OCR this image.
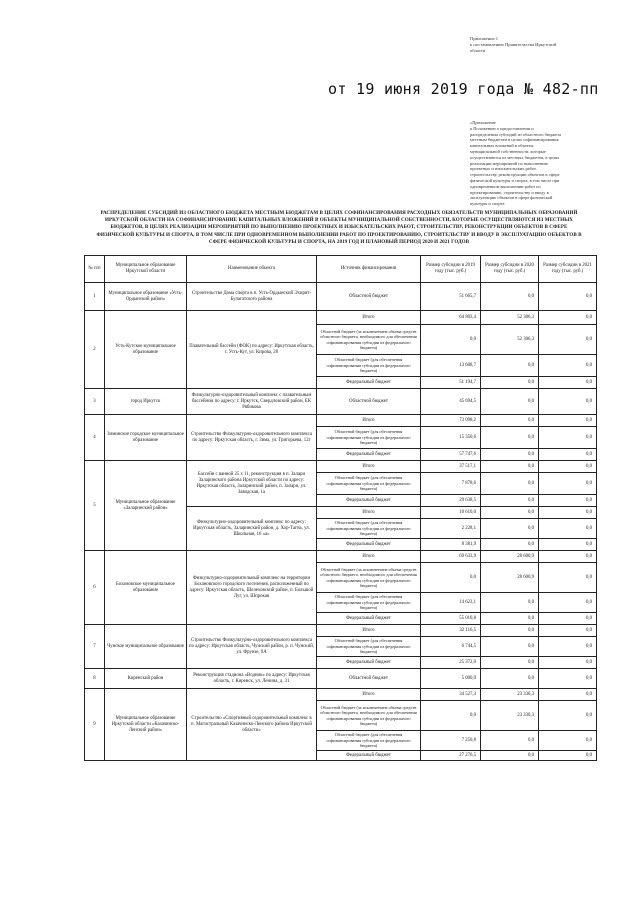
Приложение 1
к постановлению Правительства Иркутской
области
от 19 июня 2019 года № 482-пп
«Приложение
к Положению о предоставлении и
распределении субсидий из областного бюджета
местным бюджетам в целях софинансирования
капитальных вложений в объекты
муниципальной собственности, которые
осуществляются из местных бюджетов, в целях
реализации мероприятий по выполнению
проектных и изыскательских работ,
строительству, реконструкции объектов в сфере
физической культуры и спорта, в том числе при
одновременном выполнении работ по
проектированию, строительству и вводу в
эксплуатацию объектов в сфере физической
культуры и спорта
РАСПРЕДЕЛЕНИЕ СУБСИДИЙ ИЗ ОБЛАСТНОГО БЮДЖЕТА МЕСТНЫМ БЮДЖЕТАМ В ЦЕЛЯХ СОФИНАНСИРОВАНИЯ РАСХОДНЫХ ОБЯЗАТЕЛЬСТВ МУНИЦИПАЛЬНЫХ ОБРАЗОВАНИЙ ИРКУТСКОЙ ОБЛАСТИ НА СОФИНАНСИРОВАНИЕ КАПИТАЛЬНЫХ ВЛОЖЕНИЙ В ОБЪЕКТЫ МУНИЦИПАЛЬНОЙ СОБСТВЕННОСТИ, КОТОРЫЕ ОСУЩЕСТВЛЯЮТСЯ ИЗ МЕСТНЫХ БЮДЖЕТОВ, В ЦЕЛЯХ РЕАЛИЗАЦИИ МЕРОПРИЯТИЙ ПО ВЫПОЛНЕНИЮ ПРОЕКТНЫХ И ИЗЫСКАТЕЛЬСКИХ РАБОТ, СТРОИТЕЛЬСТВУ, РЕКОНСТРУКЦИИ ОБЪЕКТОВ В СФЕРЕ ФИЗИЧЕСКОЙ КУЛЬТУРЫ И СПОРТА, В ТОМ ЧИСЛЕ ПРИ ОДНОВРЕМЕННОМ ВЫПОЛНЕНИИ РАБОТ ПО ПРОЕКТИРОВАНИЮ, СТРОИТЕЛЬСТВУ И ВВОДУ В ЭКСПЛУАТАЦИЮ ОБЪЕКТОВ В СФЕРЕ ФИЗИЧЕСКОЙ КУЛЬТУРЫ И СПОРТА, НА 2019 ГОД И ПЛАНОВЫЙ ПЕРИОД 2020 И 2021 ГОДОВ
№ п/п	Муниципальное образование Иркутской области	Наименование объекта	Источник финансирования	Размер субсидии в 2019 году (тыс. руб.)	Размер субсидии в 2020 году (тыс. руб.)	Размер субсидии в 2021 году (тыс. руб.)
1	Муниципальное образование «Усть-Ордынский район»	Строительство Дома спорта в п. Усть-Ордынский Эхирит-Булагатского района	Областной бюджет	51 665,7	0,0	0,0
2	Усть-Кутское муниципальное образование	Плавательный бассейн (ФОК) по адресу: Иркутская область, г. Усть-Кут, ул. Кирова, 28	Итого	64 803,4	52 306,3	0,0
			Областной бюджет (за исключением объема средств областного бюджета, необходимого для обеспечения софинансирования субсидии из федерального бюджета)	0,0	52 306,3	0,0
			Областной бюджет (для обеспечения софинансирования субсидии из федерального бюджета)	13 608,7	0,0	0,0
			Федеральный бюджет	51 194,7	0,0	0,0
3	город Иркутск	Физкультурно-оздоровительный комплекс с плавательным бассейном по адресу: г. Иркутск, Свердловский район, ЕК Рябикова	Областной бюджет	45 694,5	0,0	0,0
4	Зиминское городское муниципальное образование	Строительство Физкультурно-оздоровительного комплекса по адресу: Иркутская область, г. Зима, ул. Григорьева, 12г	Итого	73 098,2	0,0	0,0
			Областной бюджет (для обеспечения софинансирования субсидии из федерального бюджета)	15 350,6	0,0	0,0
			Федеральный бюджет	57 747,6	0,0	0,0
5	Муниципальное образование «Заларинский район»	Бассейн с ванной 25 х 11, реконструкция в п. Залари Заларинского района Иркутской области по адресу: Иркутская область, Заларинский район, п. Залари, ул. Заводская, 1а	Итого	37 517,1	0,0	0,0
			Областной бюджет (для обеспечения софинансирования субсидии из федерального бюджета)	7 878,6	0,0	0,0
			Федеральный бюджет	29 638,5	0,0	0,0
		Физкультурно-оздоровительный комплекс по адресу: Иркутская область, Заларинский район, д. Хор-Тагна, ул. Школьная, 16 «а»	Итого	10 610,0	0,0	0,0
			Областной бюджет (для обеспечения софинансирования субсидии из федерального бюджета)	2 228,1	0,0	0,0
			Федеральный бюджет	8 381,9	0,0	0,0
6	Бохановское муниципальное образование	Физкультурно-оздоровительный комплекс на территории Бохановского городского поселения, расположенный по адресу: Иркутская область, Шелеховский район, п. Большой Луг, ул. Шпрокая	Итого	69 633,9	28 600,9	0,0
			Областной бюджет (за исключением объема средств областного бюджета, необходимого для обеспечения софинансирования субсидии из федерального бюджета)	0,0	28 600,9	0,0
			Областной бюджет (для обеспечения софинансирования субсидии из федерального бюджета)	14 623,1	0,0	0,0
			Федеральный бюджет	55 010,8	0,0	0,0
7	Чунское муниципальное образование	Строительство Физкультурно-оздоровительного комплекса по адресу: Иркутская область, Чунский район, р. п. Чунский, ул. Фрунзе, 9А	Итого	32 116,5	0,0	0,0
			Областной бюджет (для обеспечения софинансирования субсидии из федерального бюджета)	6 744,5	0,0	0,0
			Федеральный бюджет	25 372,0	0,0	0,0
8	Киренский район	Реконструкция стадиона «Водник» по адресу: Иркутская область, г. Киренск, ул. Ленина, д. 31	Областной бюджет	5 000,0	0,0	0,0
9	Муниципальное образование Иркутской области «Казачинско-Ленский район»	Строительство «Спортивный оздоровительный комплекс в п. Магистральный Казачинско-Ленского района Иркутской области»	Итого	34 527,3	23 330,3	0,0
			Областной бюджет (за исключением объема средств областного бюджета, необходимого для обеспечения софинансирования субсидии из федерального бюджета)	0,0	23 330,3	0,0
			Областной бюджет (для обеспечения софинансирования субсидии из федерального бюджета)	7 250,8	0,0	0,0
			Федеральный бюджет	27 276,5	0,0	0,0
